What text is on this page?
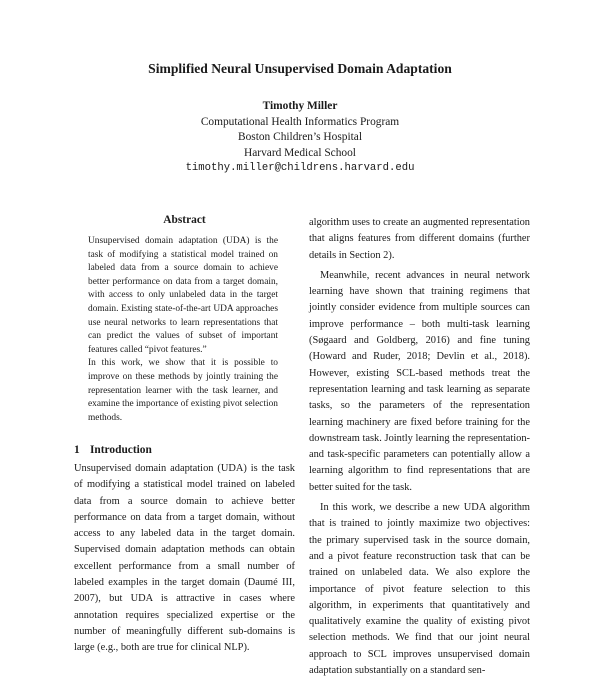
Simplified Neural Unsupervised Domain Adaptation
Timothy Miller
Computational Health Informatics Program
Boston Children’s Hospital
Harvard Medical School
timothy.miller@childrens.harvard.edu
Abstract

Unsupervised domain adaptation (UDA) is the task of modifying a statistical model trained on labeled data from a source domain to achieve better performance on data from a target domain, with access to only unlabeled data in the target domain. Existing state-of-the-art UDA approaches use neural networks to learn representations that can predict the values of subset of important features called “pivot features.”

In this work, we show that it is possible to improve on these methods by jointly training the representation learner with the task learner, and examine the importance of existing pivot selection methods.

1 Introduction

Unsupervised domain adaptation (UDA) is the task of modifying a statistical model trained on labeled data from a source domain to achieve better performance on data from a target domain, without access to any labeled data in the target domain. Supervised domain adaptation methods can obtain excellent performance from a small number of labeled examples in the target domain (Daumé III, 2007), but UDA is attractive in cases where annotation requires specialized expertise or the number of meaningfully different sub-domains is large (e.g., both are true for clinical NLP).

algorithm uses to create an augmented representation that aligns features from different domains (further details in Section 2).

Meanwhile, recent advances in neural network learning have shown that training regimens that jointly consider evidence from multiple sources can improve performance – both multi-task learning (Søgaard and Goldberg, 2016) and fine tuning (Howard and Ruder, 2018; Devlin et al., 2018). However, existing SCL-based methods treat the representation learning and task learning as separate tasks, so the parameters of the representation learning machinery are fixed before training for the downstream task. Jointly learning the representation- and task-specific parameters can potentially allow a learning algorithm to find representations that are better suited for the task.

In this work, we describe a new UDA algorithm that is trained to jointly maximize two objectives: the primary supervised task in the source domain, and a pivot feature reconstruction task that can be trained on unlabeled data. We also explore the importance of pivot feature selection to this algorithm, in experiments that quantitatively and qualitatively examine the quality of existing pivot selection methods. We find that our joint neural approach to SCL improves unsupervised domain adaptation substantially on a standard sen-
